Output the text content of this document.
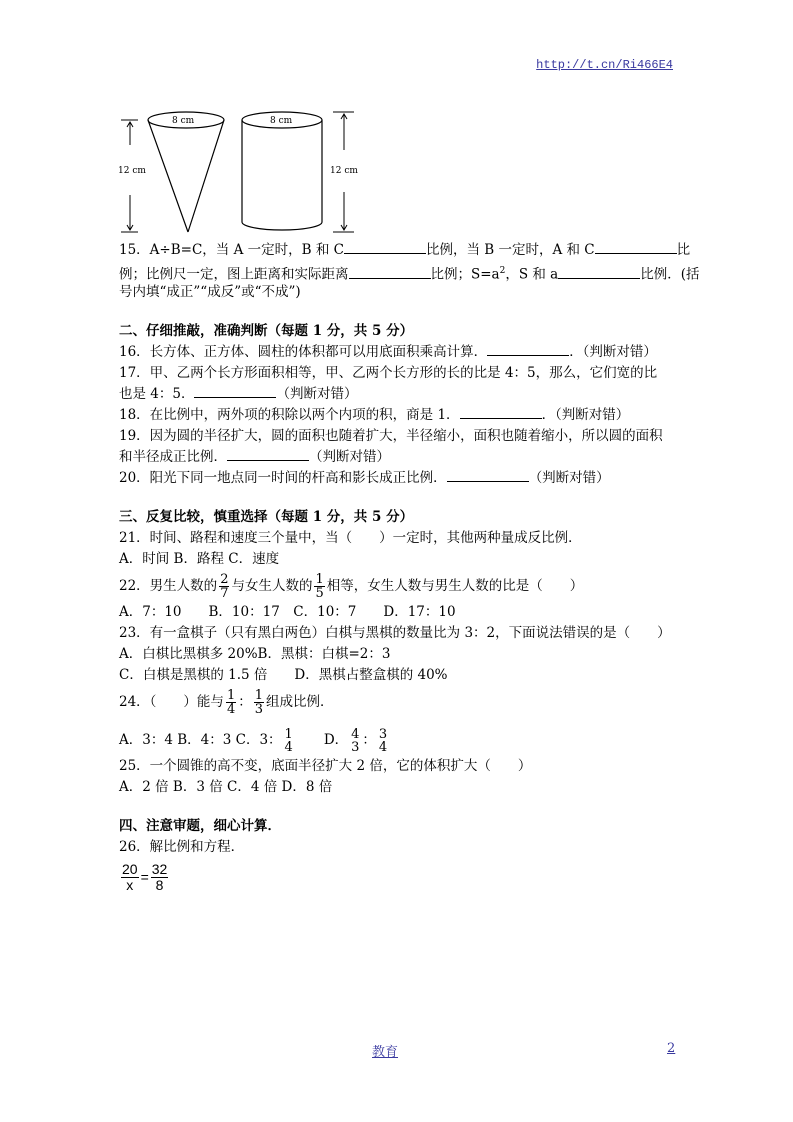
http://t.cn/Ri466E4
8 cm
12 cm
8 cm
12 cm
15．A÷B=C，当 A 一定时，B 和 C	比例，当 B 一定时，A 和 C	比
例；比例尺一定，图上距离和实际距离	比例；$S=a^2$，S 和 a	比例．(括
号内填“成正”“成反”或“不成”)
二、仔细推敲，准确判断（每题 1 分，共 5 分）
16．长方体、正方体、圆柱的体积都可以用底面积乘高计算．	．（判断对错）
17．甲、乙两个长方形面积相等，甲、乙两个长方形的长的比是 4：5，那么，它们宽的比
也是 4：5．	（判断对错）
18．在比例中，两外项的积除以两个内项的积，商是 1．	．（判断对错）
19．因为圆的半径扩大，圆的面积也随着扩大，半径缩小，面积也随着缩小，所以圆的面积
和半径成正比例．	（判断对错）
20．阳光下同一地点同一时间的杆高和影长成正比例．	（判断对错）
三、反复比较，慎重选择（每题 1 分，共 5 分）
21．时间、路程和速度三个量中，当（　　）一定时，其他两种量成反比例．
A．时间 B．路程 C．速度
22．男生人数的 $\frac{2}{7}$ 与女生人数的 $\frac{1}{5}$ 相等，女生人数与男生人数的比是（　　）
A．7：10　　B．10：17　C．10：7　　D．17：10
23．有一盒棋子（只有黑白两色）白棋与黑棋的数量比为 3：2，下面说法错误的是（　　）
A．白棋比黑棋多 20%B．黑棋：白棋=2：3
C．白棋是黑棋的 1.5 倍　　D．黑棋占整盒棋的 40%
24．（　　）能与 $\frac{1}{4}$ ： $\frac{1}{3}$ 组成比例．
A．3：4 B．4：3 C．3： 1
4 D． 4
3 ： 3
4
25．一个圆锥的高不变，底面半径扩大 2 倍，它的体积扩大（　　）
A．2 倍 B．3 倍 C．4 倍 D．8 倍
四、注意审题，细心计算．
26．解比例和方程．
$\frac{20}{x} = \frac{32}{8}$
教育	2
